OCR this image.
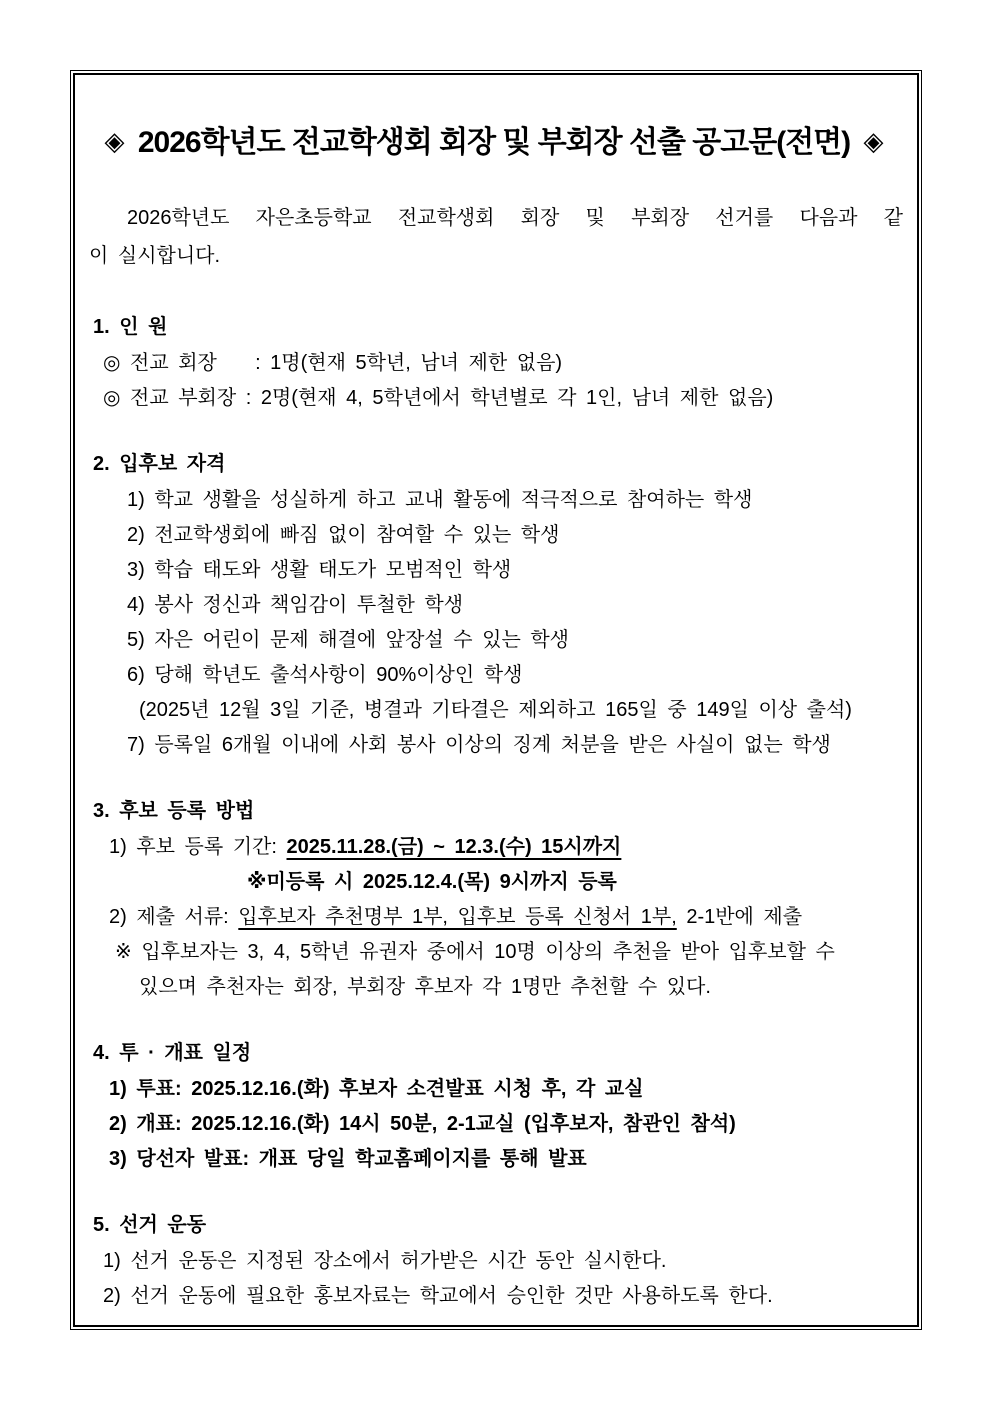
◈ 2026학년도 전교학생회 회장 및 부회장 선출 공고문(전면) ◈

2026학년도 자은초등학교 전교학생회 회장 및 부회장 선거를 다음과 같

이 실시합니다.

1. 인 원
◎ 전교 회장    : 1명(현재 5학년, 남녀 제한 없음)
◎ 전교 부회장 : 2명(현재 4, 5학년에서 학년별로 각 1인, 남녀 제한 없음)
2. 입후보 자격
1) 학교 생활을 성실하게 하고 교내 활동에 적극적으로 참여하는 학생
2) 전교학생회에 빠짐 없이 참여할 수 있는 학생
3) 학습 태도와 생활 태도가 모범적인 학생
4) 봉사 정신과 책임감이 투철한 학생
5) 자은 어린이 문제 해결에 앞장설 수 있는 학생
6) 당해 학년도 출석사항이 90%이상인 학생
(2025년 12월 3일 기준, 병결과 기타결은 제외하고 165일 중 149일 이상 출석)
7) 등록일 6개월 이내에 사회 봉사 이상의 징계 처분을 받은 사실이 없는 학생
3. 후보 등록 방법
1) 후보 등록 기간: 2025.11.28.(금) ~ 12.3.(수) 15시까지
※미등록 시 2025.12.4.(목) 9시까지 등록
2) 제출 서류: 입후보자 추천명부 1부, 입후보 등록 신청서 1부, 2-1반에 제출
※ 입후보자는 3, 4, 5학년 유권자 중에서 10명 이상의 추천을 받아 입후보할 수
있으며 추천자는 회장, 부회장 후보자 각 1명만 추천할 수 있다.
4. 투 · 개표 일정
1) 투표: 2025.12.16.(화) 후보자 소견발표 시청 후, 각 교실
2) 개표: 2025.12.16.(화) 14시 50분, 2-1교실 (입후보자, 참관인 참석)
3) 당선자 발표: 개표 당일 학교홈페이지를 통해 발표
5. 선거 운동
1) 선거 운동은 지정된 장소에서 허가받은 시간 동안 실시한다.
2) 선거 운동에 필요한 홍보자료는 학교에서 승인한 것만 사용하도록 한다.
